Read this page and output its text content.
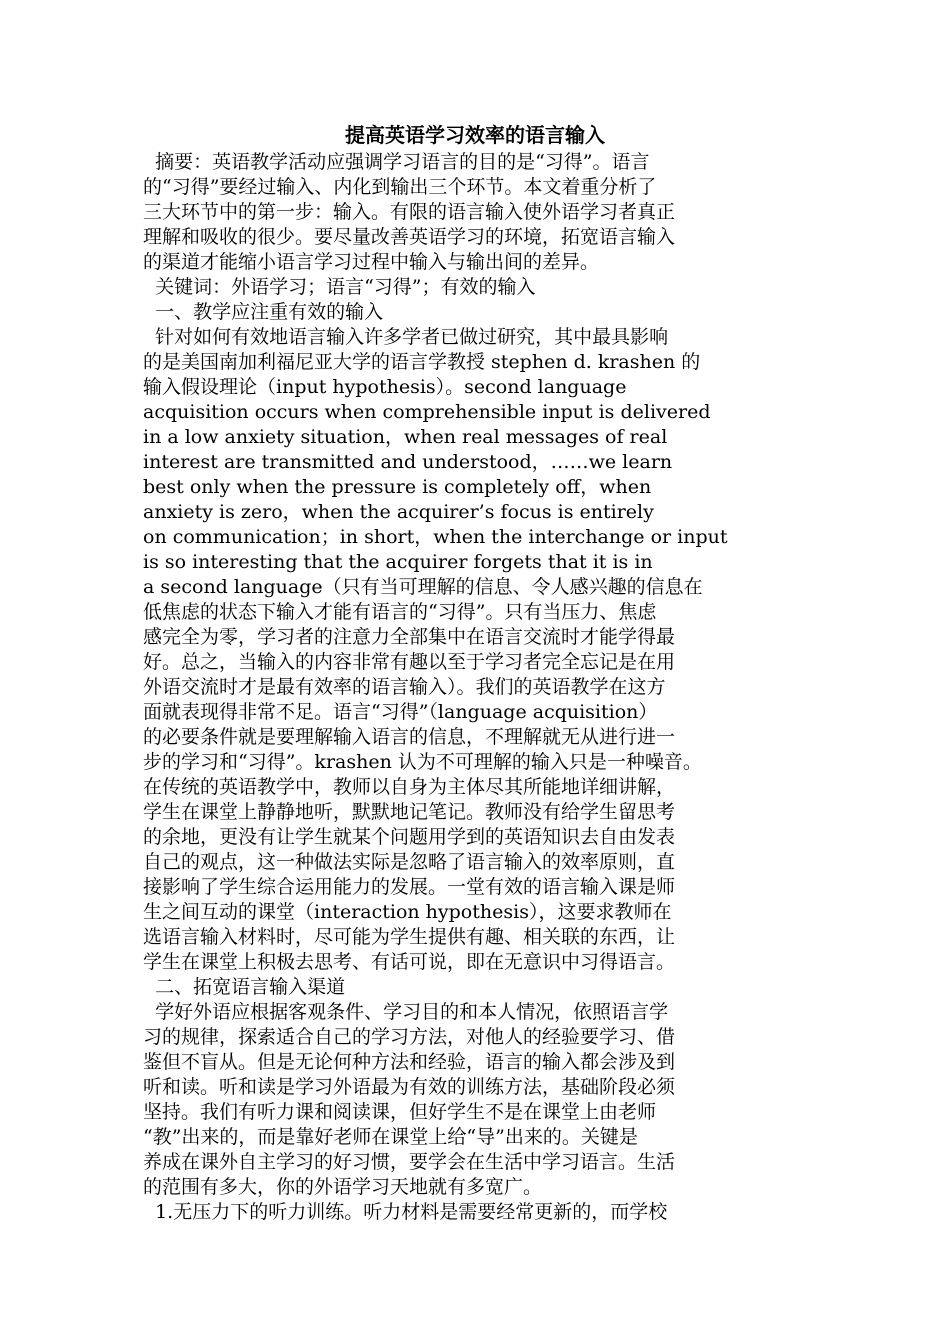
提高英语学习效率的语言输入

摘要：英语教学活动应强调学习语言的目的是“习得”。语言

的“习得”要经过输入、内化到输出三个环节。本文着重分析了

三大环节中的第一步：输入。有限的语言输入使外语学习者真正

理解和吸收的很少。要尽量改善英语学习的环境，拓宽语言输入

的渠道才能缩小语言学习过程中输入与输出间的差异。

关键词：外语学习；语言“习得”；有效的输入

一、教学应注重有效的输入

针对如何有效地语言输入许多学者已做过研究，其中最具影响

的是美国南加利福尼亚大学的语言学教授 stephen d. krashen 的

输入假设理论（input hypothesis）。second language

acquisition occurs when comprehensible input is delivered

in a low anxiety situation，when real messages of real

interest are transmitted and understood，……we learn

best only when the pressure is completely off，when

anxiety is zero，when the acquirer’s focus is entirely

on communication；in short，when the interchange or input

is so interesting that the acquirer forgets that it is in

a second language（只有当可理解的信息、令人感兴趣的信息在

低焦虑的状态下输入才能有语言的“习得”。只有当压力、焦虑

感完全为零，学习者的注意力全部集中在语言交流时才能学得最

好。总之，当输入的内容非常有趣以至于学习者完全忘记是在用

外语交流时才是最有效率的语言输入）。我们的英语教学在这方

面就表现得非常不足。语言“习得”（language acquisition）

的必要条件就是要理解输入语言的信息，不理解就无从进行进一

步的学习和“习得”。krashen 认为不可理解的输入只是一种噪音。

在传统的英语教学中，教师以自身为主体尽其所能地详细讲解，

学生在课堂上静静地听，默默地记笔记。教师没有给学生留思考

的余地，更没有让学生就某个问题用学到的英语知识去自由发表

自己的观点，这一种做法实际是忽略了语言输入的效率原则，直

接影响了学生综合运用能力的发展。一堂有效的语言输入课是师

生之间互动的课堂（interaction hypothesis），这要求教师在

选语言输入材料时，尽可能为学生提供有趣、相关联的东西，让

学生在课堂上积极去思考、有话可说，即在无意识中习得语言。

二、拓宽语言输入渠道

学好外语应根据客观条件、学习目的和本人情况，依照语言学

习的规律，探索适合自己的学习方法，对他人的经验要学习、借

鉴但不盲从。但是无论何种方法和经验，语言的输入都会涉及到

听和读。听和读是学习外语最为有效的训练方法，基础阶段必须

坚持。我们有听力课和阅读课，但好学生不是在课堂上由老师

“教”出来的，而是靠好老师在课堂上给“导”出来的。关键是

养成在课外自主学习的好习惯，要学会在生活中学习语言。生活

的范围有多大，你的外语学习天地就有多宽广。

1.无压力下的听力训练。听力材料是需要经常更新的，而学校
